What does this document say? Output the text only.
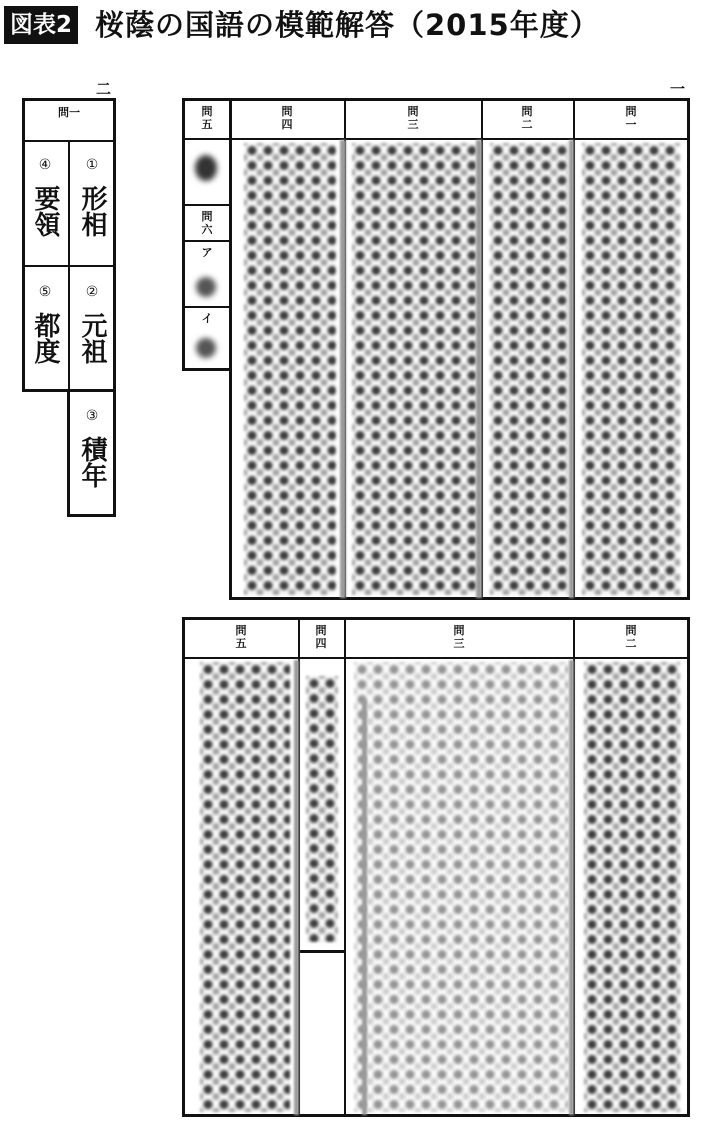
図表2 桜蔭の国語の模範解答（2015年度）
二	一
問一
①
形相
④
要領
②
元祖
⑤
都度
③
積年
問
五
問
四
問
三
問
二
問
一
問
六
ア
イ
問
五
問
四
問
三
問
二
